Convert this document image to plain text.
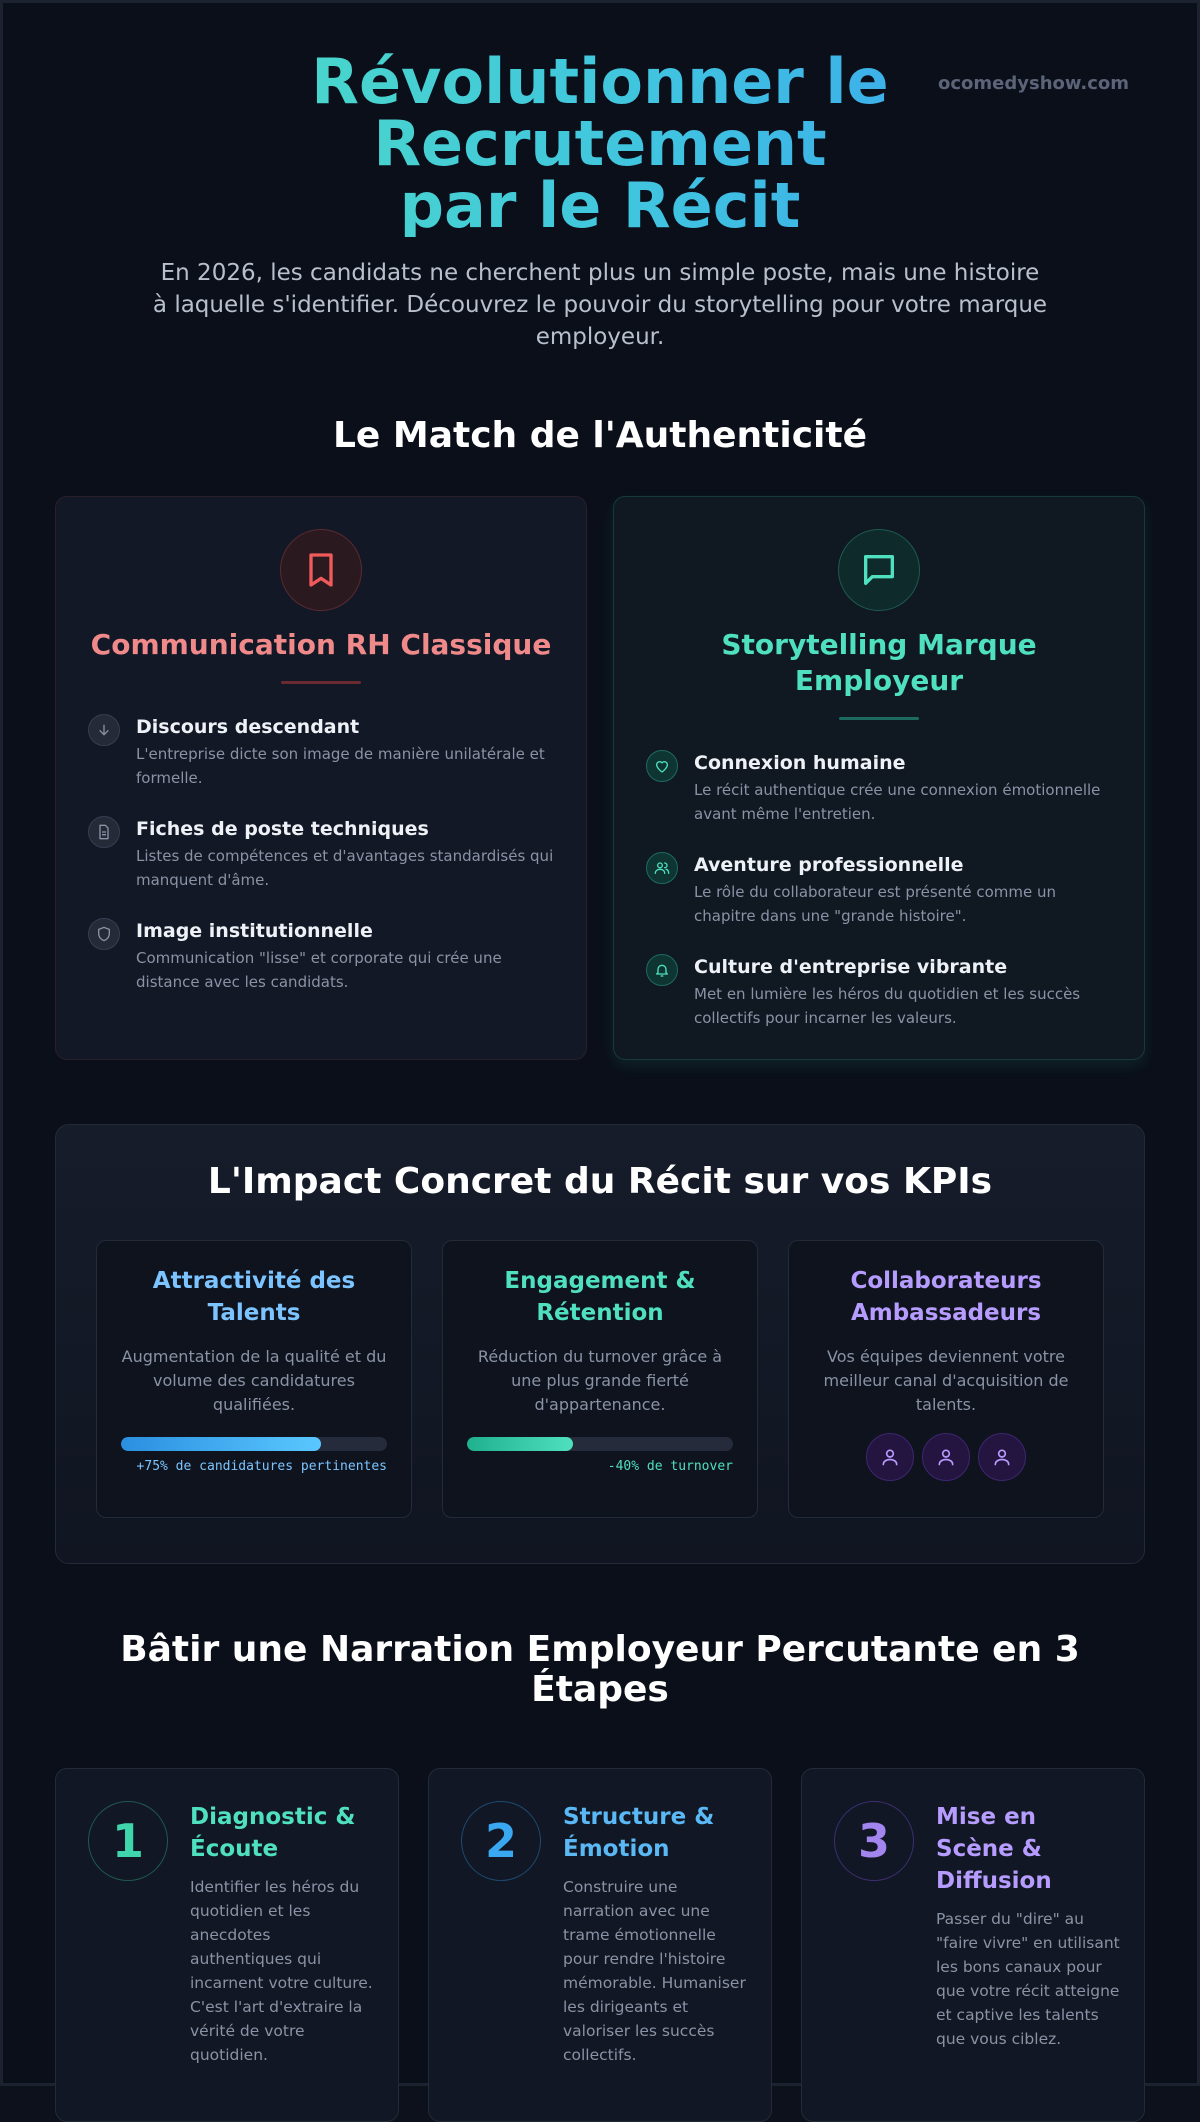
ocomedyshow.com
Révolutionner le Recrutement
par le Récit

En 2026, les candidats ne cherchent plus un simple poste, mais une histoire à laquelle s'identifier. Découvrez le pouvoir du storytelling pour votre marque employeur.

Le Match de l'Authenticité
Communication RH Classique
Discours descendant
L'entreprise dicte son image de manière unilatérale et formelle.
Fiches de poste techniques
Listes de compétences et d'avantages standardisés qui manquent d'âme.
Image institutionnelle
Communication "lisse" et corporate qui crée une distance avec les candidats.
Storytelling Marque Employeur
Connexion humaine
Le récit authentique crée une connexion émotionnelle avant même l'entretien.
Aventure professionnelle
Le rôle du collaborateur est présenté comme un chapitre dans une "grande histoire".
Culture d'entreprise vibrante
Met en lumière les héros du quotidien et les succès collectifs pour incarner les valeurs.
L'Impact Concret du Récit sur vos KPIs
Attractivité des Talents
Augmentation de la qualité et du volume des candidatures qualifiées.
+75% de candidatures pertinentes
Engagement & Rétention
Réduction du turnover grâce à une plus grande fierté d'appartenance.
-40% de turnover
Collaborateurs Ambassadeurs
Vos équipes deviennent votre meilleur canal d'acquisition de talents.
Bâtir une Narration Employeur Percutante en 3 Étapes
1	Diagnostic & Écoute
Identifier les héros du quotidien et les anecdotes authentiques qui incarnent votre culture. C'est l'art d'extraire la vérité de votre quotidien.
2	Structure & Émotion
Construire une narration avec une trame émotionnelle pour rendre l'histoire mémorable. Humaniser les dirigeants et valoriser les succès collectifs.
3	Mise en Scène & Diffusion
Passer du "dire" au "faire vivre" en utilisant les bons canaux pour que votre récit atteigne et captive les talents que vous ciblez.
